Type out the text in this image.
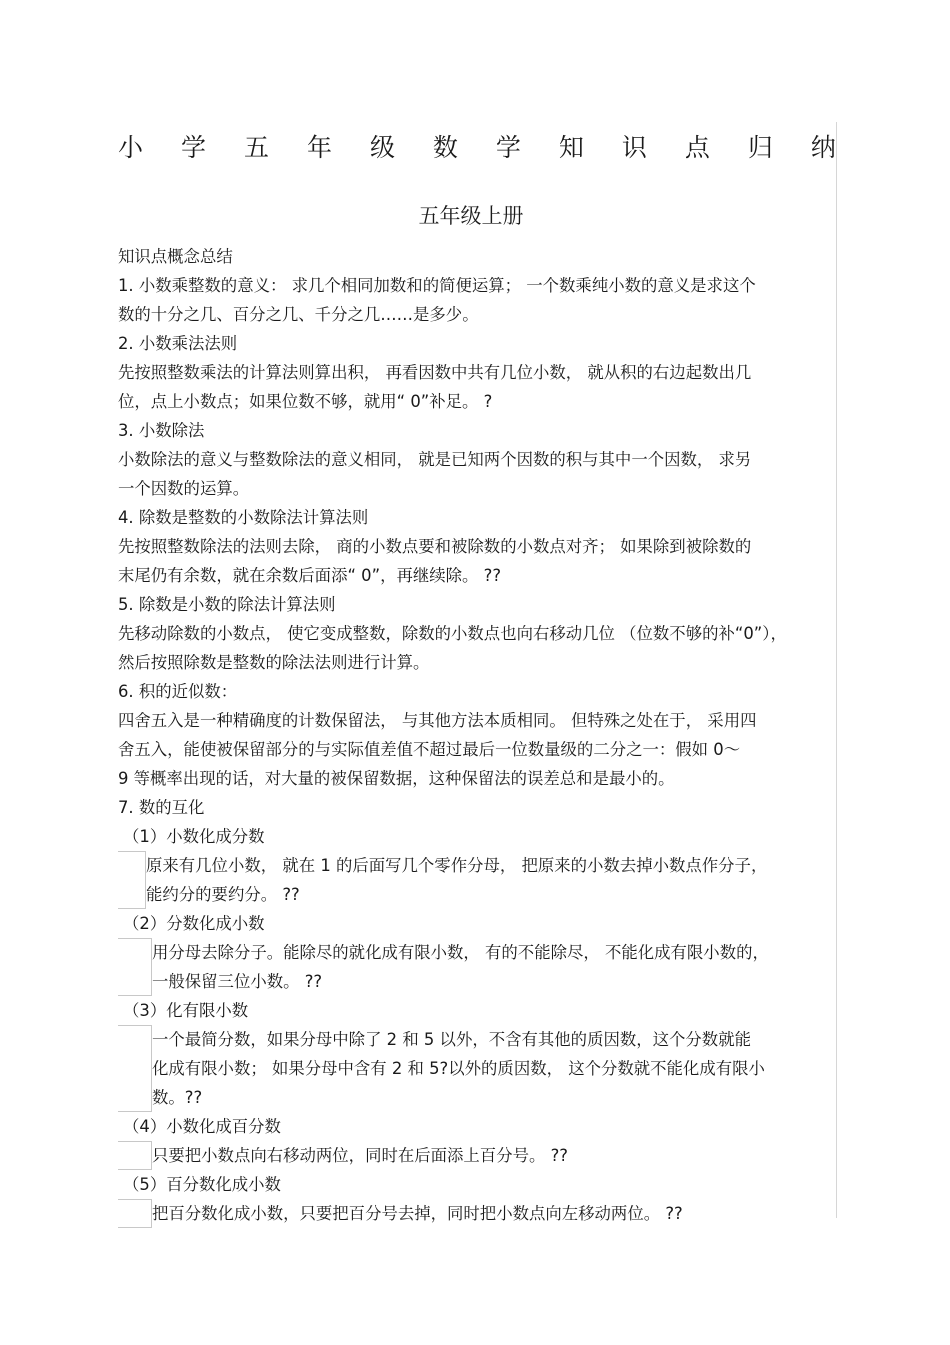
小 学 五 年 级 数 学 知 识 点 归 纳
五年级上册
知识点概念总结
1. 小数乘整数的意义： 求几个相同加数和的简便运算； 一个数乘纯小数的意义是求这个
数的十分之几、百分之几、千分之几……是多少。
2. 小数乘法法则
先按照整数乘法的计算法则算出积， 再看因数中共有几位小数， 就从积的右边起数出几
位，点上小数点；如果位数不够，就用“ 0”补足。 ?
3. 小数除法
小数除法的意义与整数除法的意义相同， 就是已知两个因数的积与其中一个因数， 求另
一个因数的运算。
4. 除数是整数的小数除法计算法则
先按照整数除法的法则去除， 商的小数点要和被除数的小数点对齐； 如果除到被除数的
末尾仍有余数，就在余数后面添“ 0”，再继续除。 ??
5. 除数是小数的除法计算法则
先移动除数的小数点， 使它变成整数，除数的小数点也向右移动几位 （位数不够的补“0”），
然后按照除数是整数的除法法则进行计算。
6. 积的近似数：
四舍五入是一种精确度的计数保留法， 与其他方法本质相同。 但特殊之处在于， 采用四
舍五入，能使被保留部分的与实际值差值不超过最后一位数量级的二分之一：假如 0～
9 等概率出现的话，对大量的被保留数据，这种保留法的误差总和是最小的。
7. 数的互化
（1）小数化成分数
原来有几位小数， 就在 1 的后面写几个零作分母， 把原来的小数去掉小数点作分子，
能约分的要约分。 ??
（2）分数化成小数
用分母去除分子。能除尽的就化成有限小数， 有的不能除尽， 不能化成有限小数的，
一般保留三位小数。 ??
（3）化有限小数
一个最简分数，如果分母中除了 2 和 5 以外，不含有其他的质因数，这个分数就能
化成有限小数； 如果分母中含有 2 和 5?以外的质因数， 这个分数就不能化成有限小
数。??
（4）小数化成百分数
只要把小数点向右移动两位，同时在后面添上百分号。 ??
（5）百分数化成小数
把百分数化成小数，只要把百分号去掉，同时把小数点向左移动两位。 ??
